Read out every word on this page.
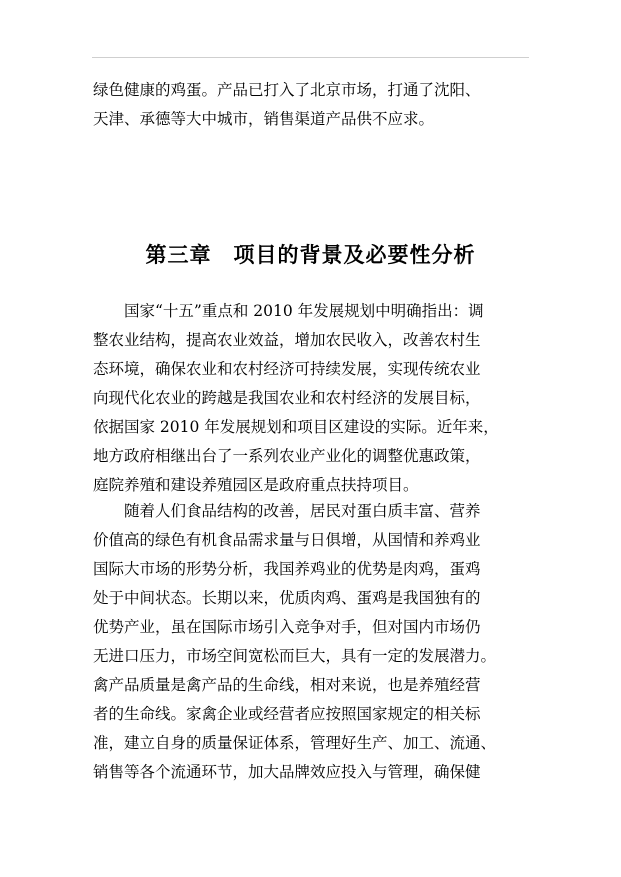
绿色健康的鸡蛋。产品已打入了北京市场，打通了沈阳、
天津、承德等大中城市，销售渠道产品供不应求。
第三章　项目的背景及必要性分析
国家“十五”重点和 2010 年发展规划中明确指出：调
整农业结构，提高农业效益，增加农民收入，改善农村生
态环境，确保农业和农村经济可持续发展，实现传统农业
向现代化农业的跨越是我国农业和农村经济的发展目标，
依据国家 2010 年发展规划和项目区建设的实际。近年来，
地方政府相继出台了一系列农业产业化的调整优惠政策，
庭院养殖和建设养殖园区是政府重点扶持项目。
随着人们食品结构的改善，居民对蛋白质丰富、营养
价值高的绿色有机食品需求量与日俱增，从国情和养鸡业
国际大市场的形势分析，我国养鸡业的优势是肉鸡，蛋鸡
处于中间状态。长期以来，优质肉鸡、蛋鸡是我国独有的
优势产业，虽在国际市场引入竞争对手，但对国内市场仍
无进口压力，市场空间宽松而巨大，具有一定的发展潜力。
禽产品质量是禽产品的生命线，相对来说，也是养殖经营
者的生命线。家禽企业或经营者应按照国家规定的相关标
准，建立自身的质量保证体系，管理好生产、加工、流通、
销售等各个流通环节，加大品牌效应投入与管理，确保健
